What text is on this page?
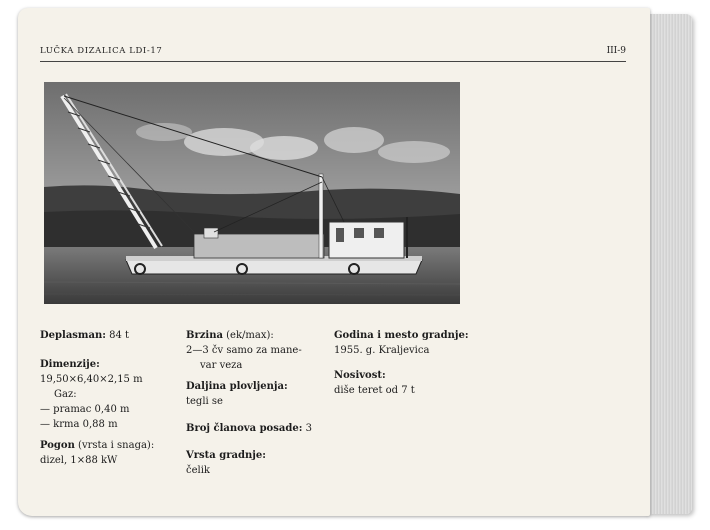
LUČKA DIZALICA LDI-17	III-9
Deplasman: 84 t
Dimenzije:
19,50×6,40×2,15 m
Gaz:
— pramac 0,40 m
— krma 0,88 m
Pogon (vrsta i snaga):
dizel, 1×88 kW
Brzina (ek/max):
2—3 čv samo za mane-
var veza
Daljina plovljenja:
tegli se
Broj članova posade: 3
Vrsta gradnje:
čelik
Godina i mesto gradnje:
1955. g. Kraljevica
Nosivost:
diše teret od 7 t
